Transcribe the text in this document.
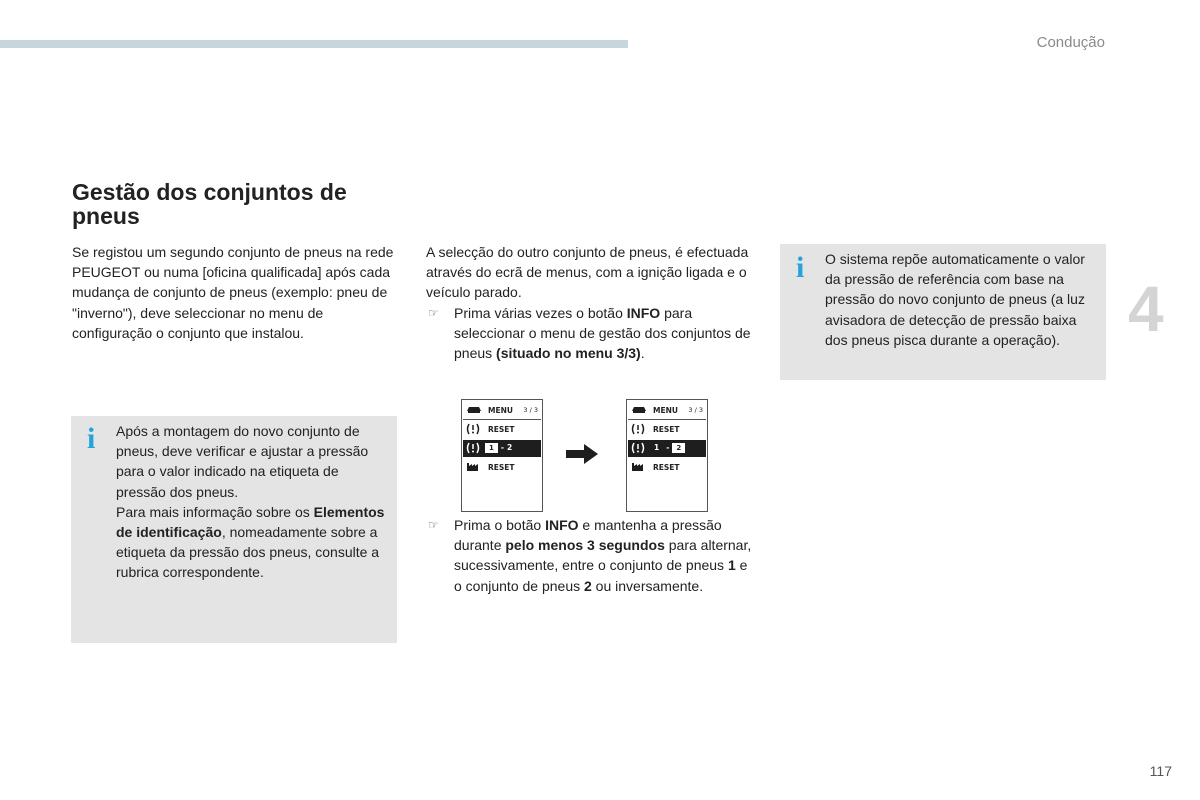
Condução
4
117
Gestão dos conjuntos de pneus

Se registou um segundo conjunto de pneus na rede PEUGEOT ou numa [oficina qualificada] após cada mudança de conjunto de pneus (exemplo: pneu de "inverno"), deve seleccionar no menu de configuração o conjunto que instalou.

i Após a montagem do novo conjunto de pneus, deve verificar e ajustar a pressão para o valor indicado na etiqueta de pressão dos pneus.
Para mais informação sobre os Elementos de identificação, nomeadamente sobre a etiqueta da pressão dos pneus, consulte a rubrica correspondente.

A selecção do outro conjunto de pneus, é efectuada através do ecrã de menus, com a ignição ligada e o veículo parado.

☞ Prima várias vezes o botão INFO para seleccionar o menu de gestão dos conjuntos de pneus (situado no menu 3/3).

MENU 3 / 3
RESET
1 - 2
RESET
MENU 3 / 3
RESET
1 - 2
RESET

☞ Prima o botão INFO e mantenha a pressão durante pelo menos 3 segundos para alternar, sucessivamente, entre o conjunto de pneus 1 e o conjunto de pneus 2 ou inversamente.

i O sistema repõe automaticamente o valor da pressão de referência com base na pressão do novo conjunto de pneus (a luz avisadora de detecção de pressão baixa dos pneus pisca durante a operação).
